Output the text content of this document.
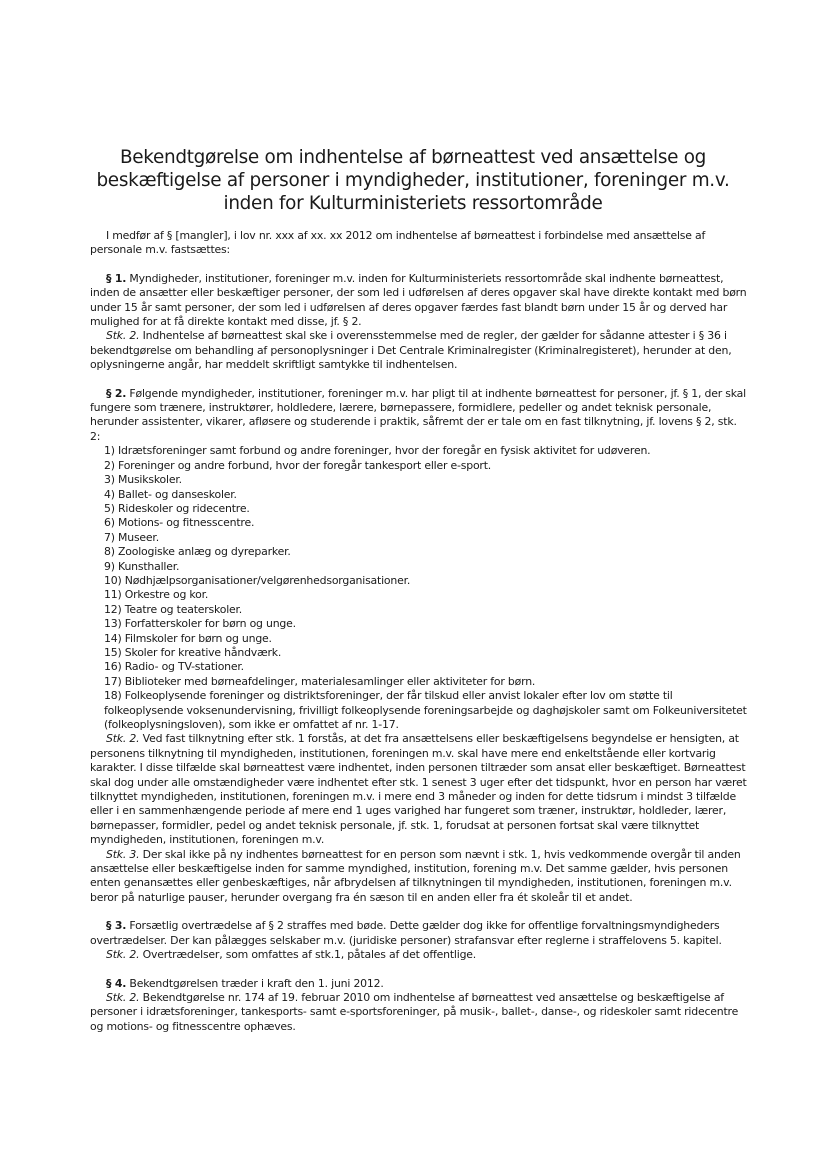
Bekendtgørelse om indhentelse af børneattest ved ansættelse og beskæftigelse af personer i myndigheder, institutioner, foreninger m.v. inden for Kulturministeriets ressortområde

I medfør af § [mangler], i lov nr. xxx af xx. xx 2012 om indhentelse af børneattest i forbindelse med ansættelse af personale m.v. fastsættes:

§ 1. Myndigheder, institutioner, foreninger m.v. inden for Kulturministeriets ressortområde skal indhente børneattest, inden de ansætter eller beskæftiger personer, der som led i udførelsen af deres opgaver skal have direkte kontakt med børn under 15 år samt personer, der som led i udførelsen af deres opgaver færdes fast blandt børn under 15 år og derved har mulighed for at få direkte kontakt med disse, jf. § 2.

Stk. 2. Indhentelse af børneattest skal ske i overensstemmelse med de regler, der gælder for sådanne attester i § 36 i bekendtgørelse om behandling af personoplysninger i Det Centrale Kriminalregister (Kriminalregisteret), herunder at den, oplysningerne angår, har meddelt skriftligt samtykke til indhentelsen.

§ 2. Følgende myndigheder, institutioner, foreninger m.v. har pligt til at indhente børneattest for personer, jf. § 1, der skal fungere som trænere, instruktører, holdledere, lærere, børnepassere, formidlere, pedeller og andet teknisk personale, herunder assistenter, vikarer, afløsere og studerende i praktik, såfremt der er tale om en fast tilknytning, jf. lovens § 2, stk. 2:

1) Idrætsforeninger samt forbund og andre foreninger, hvor der foregår en fysisk aktivitet for udøveren.
2) Foreninger og andre forbund, hvor der foregår tankesport eller e-sport.
3) Musikskoler.
4) Ballet- og danseskoler.
5) Rideskoler og ridecentre.
6) Motions- og fitnesscentre.
7) Museer.
8) Zoologiske anlæg og dyreparker.
9) Kunsthaller.
10) Nødhjælpsorganisationer/velgørenhedsorganisationer.
11) Orkestre og kor.
12) Teatre og teaterskoler.
13) Forfatterskoler for børn og unge.
14) Filmskoler for børn og unge.
15) Skoler for kreative håndværk.
16) Radio- og TV-stationer.
17) Biblioteker med børneafdelinger, materialesamlinger eller aktiviteter for børn.
18) Folkeoplysende foreninger og distriktsforeninger, der får tilskud eller anvist lokaler efter lov om støtte til folkeoplysende voksenundervisning, frivilligt folkeoplysende foreningsarbejde og daghøjskoler samt om Folkeuniversitetet (folkeoplysningsloven), som ikke er omfattet af nr. 1-17.

Stk. 2. Ved fast tilknytning efter stk. 1 forstås, at det fra ansættelsens eller beskæftigelsens begyndelse er hensigten, at personens tilknytning til myndigheden, institutionen, foreningen m.v. skal have mere end enkeltstående eller kortvarig karakter. I disse tilfælde skal børneattest være indhentet, inden personen tiltræder som ansat eller beskæftiget. Børneattest skal dog under alle omstændigheder være indhentet efter stk. 1 senest 3 uger efter det tidspunkt, hvor en person har været tilknyttet myndigheden, institutionen, foreningen m.v. i mere end 3 måneder og inden for dette tidsrum i mindst 3 tilfælde eller i en sammenhængende periode af mere end 1 uges varighed har fungeret som træner, instruktør, holdleder, lærer, børnepasser, formidler, pedel og andet teknisk personale, jf. stk. 1, forudsat at personen fortsat skal være tilknyttet myndigheden, institutionen, foreningen m.v.

Stk. 3. Der skal ikke på ny indhentes børneattest for en person som nævnt i stk. 1, hvis vedkommende overgår til anden ansættelse eller beskæftigelse inden for samme myndighed, institution, forening m.v. Det samme gælder, hvis personen enten genansættes eller genbeskæftiges, når afbrydelsen af tilknytningen til myndigheden, institutionen, foreningen m.v. beror på naturlige pauser, herunder overgang fra én sæson til en anden eller fra ét skoleår til et andet.

§ 3. Forsætlig overtrædelse af § 2 straffes med bøde. Dette gælder dog ikke for offentlige forvaltningsmyndigheders overtrædelser. Der kan pålægges selskaber m.v. (juridiske personer) strafansvar efter reglerne i straffelovens 5. kapitel.

Stk. 2. Overtrædelser, som omfattes af stk.1, påtales af det offentlige.

§ 4. Bekendtgørelsen træder i kraft den 1. juni 2012.

Stk. 2. Bekendtgørelse nr. 174 af 19. februar 2010 om indhentelse af børneattest ved ansættelse og beskæftigelse af personer i idrætsforeninger, tankesports- samt e-sportsforeninger, på musik-, ballet-, danse-, og rideskoler samt ridecentre og motions- og fitnesscentre ophæves.
